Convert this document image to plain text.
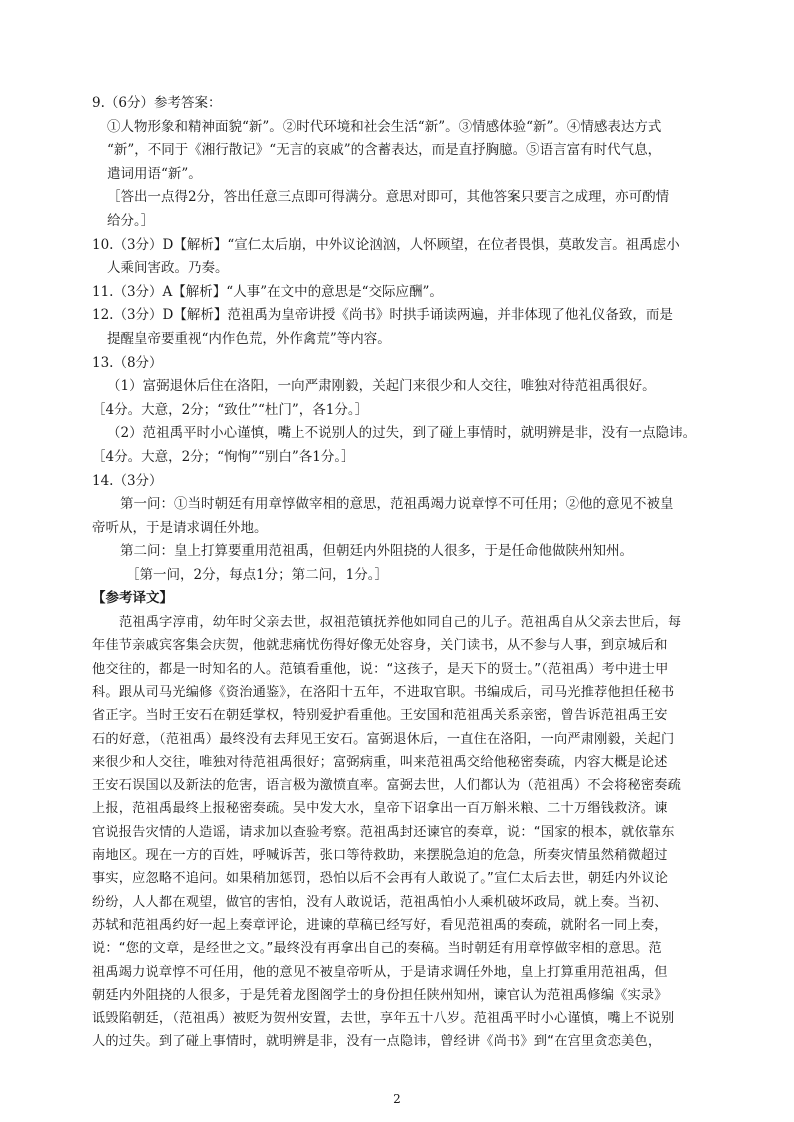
9.（6分）参考答案：
①人物形象和精神面貌“新”。②时代环境和社会生活“新”。③情感体验“新”。④情感表达方式
“新”，不同于《湘行散记》“无言的哀戚”的含蓄表达，而是直抒胸臆。⑤语言富有时代气息，
遣词用语“新”。
［答出一点得2分，答出任意三点即可得满分。意思对即可，其他答案只要言之成理，亦可酌情
给分。］
10.（3分）D【解析】“宣仁太后崩，中外议论汹汹，人怀顾望，在位者畏惧，莫敢发言。祖禹虑小
人乘间害政。乃奏。
11.（3分）A【解析】“人事”在文中的意思是“交际应酬”。
12.（3分）D【解析】范祖禹为皇帝讲授《尚书》时拱手诵读两遍，并非体现了他礼仪备致，而是
提醒皇帝要重视“内作色荒，外作禽荒”等内容。
13.（8分）
（1）富弼退休后住在洛阳，一向严肃刚毅，关起门来很少和人交往，唯独对待范祖禹很好。
［4分。大意，2分；“致仕”“杜门”，各1分。］
（2）范祖禹平时小心谨慎，嘴上不说别人的过失，到了碰上事情时，就明辨是非，没有一点隐讳。
［4分。大意，2分；“恂恂”“别白”各1分。］
14.（3分）
第一问：①当时朝廷有用章惇做宰相的意思，范祖禹竭力说章惇不可任用；②他的意见不被皇
帝听从，于是请求调任外地。
第二问：皇上打算要重用范祖禹，但朝廷内外阻挠的人很多，于是任命他做陕州知州。
［第一问，2分，每点1分；第二问，1分。］
【参考译文】
范祖禹字淳甫，幼年时父亲去世，叔祖范镇抚养他如同自己的儿子。范祖禹自从父亲去世后，每
年佳节亲戚宾客集会庆贺，他就悲痛忧伤得好像无处容身，关门读书，从不参与人事，到京城后和
他交往的，都是一时知名的人。范镇看重他，说：“这孩子，是天下的贤士。”（范祖禹）考中进士甲
科。跟从司马光编修《资治通鉴》，在洛阳十五年，不进取官职。书编成后，司马光推荐他担任秘书
省正字。当时王安石在朝廷掌权，特别爱护看重他。王安国和范祖禹关系亲密，曾告诉范祖禹王安
石的好意，（范祖禹）最终没有去拜见王安石。富弼退休后，一直住在洛阳，一向严肃刚毅，关起门
来很少和人交往，唯独对待范祖禹很好；富弼病重，叫来范祖禹交给他秘密奏疏，内容大概是论述
王安石误国以及新法的危害，语言极为激愤直率。富弼去世，人们都认为（范祖禹）不会将秘密奏疏
上报，范祖禹最终上报秘密奏疏。吴中发大水，皇帝下诏拿出一百万斛米粮、二十万缗钱救济。谏
官说报告灾情的人造谣，请求加以查验考察。范祖禹封还谏官的奏章，说：“国家的根本，就依靠东
南地区。现在一方的百姓，呼喊诉苦，张口等待救助，来摆脱急迫的危急，所奏灾情虽然稍微超过
事实，应忽略不追问。如果稍加惩罚，恐怕以后不会再有人敢说了。”宣仁太后去世，朝廷内外议论
纷纷，人人都在观望，做官的害怕，没有人敢说话，范祖禹怕小人乘机破坏政局，就上奏。当初、
苏轼和范祖禹约好一起上奏章评论，进谏的草稿已经写好，看见范祖禹的奏疏，就附名一同上奏，
说：“您的文章，是经世之文。”最终没有再拿出自己的奏稿。当时朝廷有用章惇做宰相的意思。范
祖禹竭力说章惇不可任用，他的意见不被皇帝听从，于是请求调任外地，皇上打算重用范祖禹，但
朝廷内外阻挠的人很多，于是凭着龙图阁学士的身份担任陕州知州，谏官认为范祖禹修编《实录》
诋毁陷朝廷，（范祖禹）被贬为贺州安置，去世，享年五十八岁。范祖禹平时小心谨慎，嘴上不说别
人的过失。到了碰上事情时，就明辨是非，没有一点隐讳，曾经讲《尚书》到“在宫里贪恋美色，
2
